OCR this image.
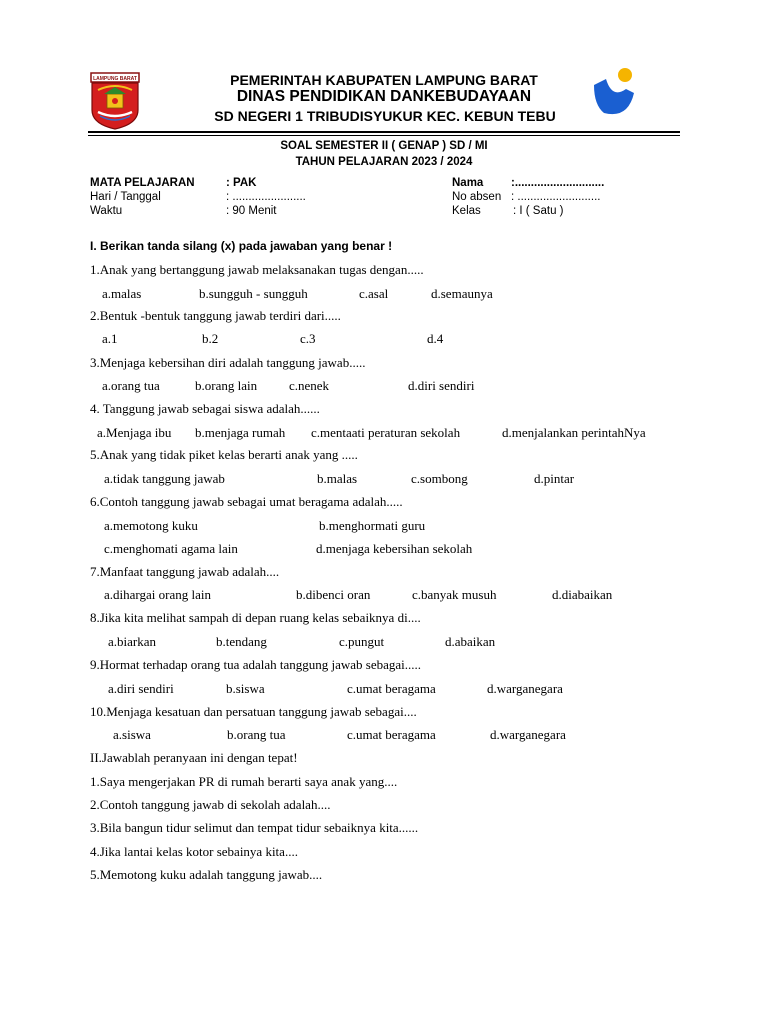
LAMPUNG BARAT	PEMERINTAH KABUPATEN LAMPUNG BARAT
DINAS PENDIDIKAN DANKEBUDAYAAN
SD NEGERI 1 TRIBUDISYUKUR KEC. KEBUN TEBU
SOAL SEMESTER II ( GENAP ) SD / MI
TAHUN PELAJARAN 2023 / 2024
MATA PELAJARAN	: PAK
Hari / Tanggal	: .......................
Waktu	: 90 Menit
Nama :............................
No absen : ..........................
Kelas	: I ( Satu )
I. Berikan tanda silang (x) pada jawaban yang benar !
1.Anak yang bertanggung jawab melaksanakan tugas dengan.....
a.malas	b.sungguh - sungguh	c.asal	d.semaunya
2.Bentuk -bentuk tanggung jawab terdiri dari.....
a.1	b.2	c.3	d.4
3.Menjaga kebersihan diri adalah tanggung jawab.....
a.orang tua	b.orang lain c.nenek	d.diri sendiri
4. Tanggung jawab sebagai siswa adalah......
a.Menjaga ibu b.menjaga rumah c.mentaati peraturan sekolah	d.menjalankan perintahNya
5.Anak yang tidak piket kelas berarti anak yang .....
a.tidak tanggung jawab	b.malas	c.sombong	d.pintar
6.Contoh tanggung jawab sebagai umat beragama adalah.....
a.memotong kuku	b.menghormati guru
c.menghomati agama lain	d.menjaga kebersihan sekolah
7.Manfaat tanggung jawab adalah....
a.dihargai orang lain	b.dibenci oran	c.banyak musuh	d.diabaikan
8.Jika kita melihat sampah di depan ruang kelas sebaiknya di....
a.biarkan	b.tendang	c.pungut	d.abaikan
9.Hormat terhadap orang tua adalah tanggung jawab sebagai.....
a.diri sendiri	b.siswa	c.umat beragama	d.warganegara
10.Menjaga kesatuan dan persatuan tanggung jawab sebagai....
a.siswa	b.orang tua	c.umat beragama	d.warganegara
II.Jawablah peranyaan ini dengan tepat!
1.Saya mengerjakan PR di rumah berarti saya anak yang....
2.Contoh tanggung jawab di sekolah adalah....
3.Bila bangun tidur selimut dan tempat tidur sebaiknya kita......
4.Jika lantai kelas kotor sebainya kita....
5.Memotong kuku adalah tanggung jawab....
